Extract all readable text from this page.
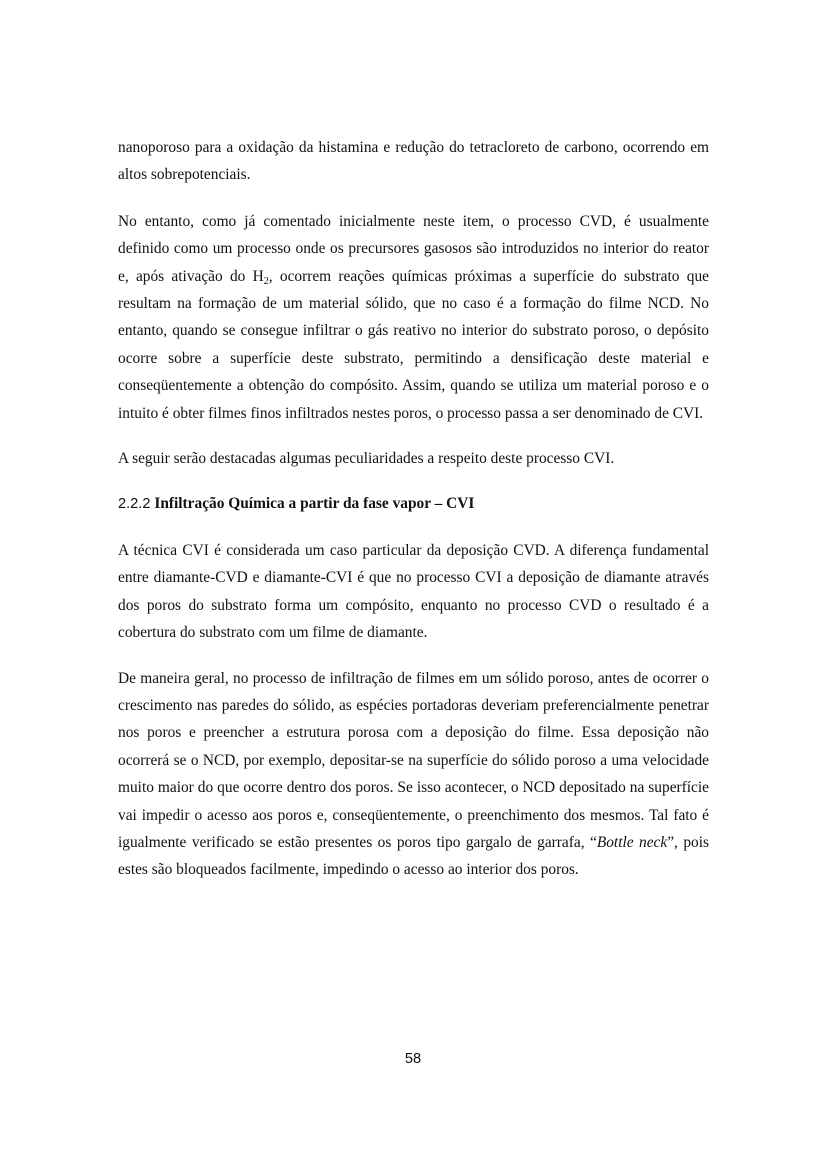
nanoporoso para a oxidação da histamina e redução do tetracloreto de carbono, ocorrendo em altos sobrepotenciais.

No entanto, como já comentado inicialmente neste item, o processo CVD, é usualmente definido como um processo onde os precursores gasosos são introduzidos no interior do reator e, após ativação do $H_2$, ocorrem reações químicas próximas a superfície do substrato que resultam na formação de um material sólido, que no caso é a formação do filme NCD. No entanto, quando se consegue infiltrar o gás reativo no interior do substrato poroso, o depósito ocorre sobre a superfície deste substrato, permitindo a densificação deste material e conseqüentemente a obtenção do compósito. Assim, quando se utiliza um material poroso e o intuito é obter filmes finos infiltrados nestes poros, o processo passa a ser denominado de CVI.

A seguir serão destacadas algumas peculiaridades a respeito deste processo CVI.

2.2.2 Infiltração Química a partir da fase vapor – CVI

A técnica CVI é considerada um caso particular da deposição CVD. A diferença fundamental entre diamante-CVD e diamante-CVI é que no processo CVI a deposição de diamante através dos poros do substrato forma um compósito, enquanto no processo CVD o resultado é a cobertura do substrato com um filme de diamante.

De maneira geral, no processo de infiltração de filmes em um sólido poroso, antes de ocorrer o crescimento nas paredes do sólido, as espécies portadoras deveriam preferencialmente penetrar nos poros e preencher a estrutura porosa com a deposição do filme. Essa deposição não ocorrerá se o NCD, por exemplo, depositar-se na superfície do sólido poroso a uma velocidade muito maior do que ocorre dentro dos poros. Se isso acontecer, o NCD depositado na superfície vai impedir o acesso aos poros e, conseqüentemente, o preenchimento dos mesmos. Tal fato é igualmente verificado se estão presentes os poros tipo gargalo de garrafa, “Bottle neck”, pois estes são bloqueados facilmente, impedindo o acesso ao interior dos poros.

58
